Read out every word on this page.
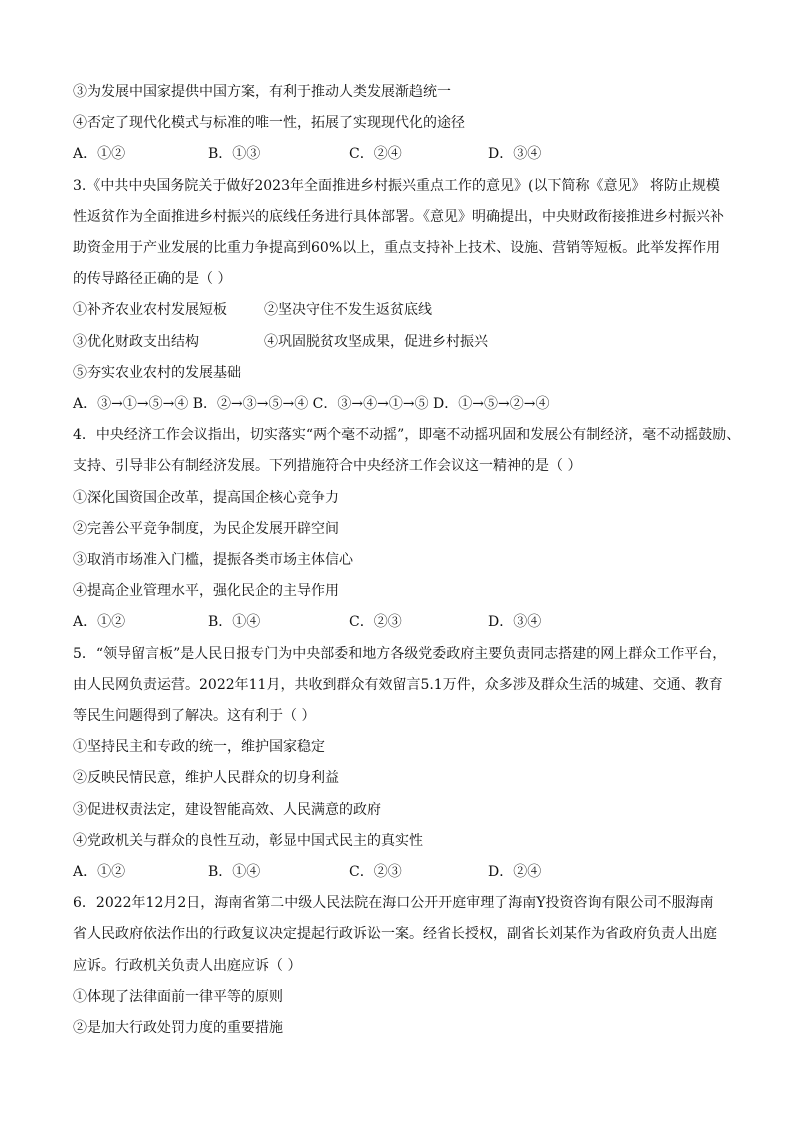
③为发展中国家提供中国方案，有利于推动人类发展渐趋统一
④否定了现代化模式与标准的唯一性，拓展了实现现代化的途径
A．①②	B．①③	C．②④	D．③④
3.《中共中央国务院关于做好2023年全面推进乡村振兴重点工作的意见》(以下简称《意见》 将防止规模
性返贫作为全面推进乡村振兴的底线任务进行具体部署。《意见》明确提出，中央财政衔接推进乡村振兴补
助资金用于产业发展的比重力争提高到60%以上，重点支持补上技术、设施、营销等短板。此举发挥作用
的传导路径正确的是（ ）
①补齐农业农村发展短板	②坚决守住不发生返贫底线
③优化财政支出结构	④巩固脱贫攻坚成果，促进乡村振兴
⑤夯实农业农村的发展基础
A．③→①→⑤→④ B．②→③→⑤→④ C．③→④→①→⑤ D．①→⑤→②→④
4．中央经济工作会议指出，切实落实“两个毫不动摇”，即毫不动摇巩固和发展公有制经济，毫不动摇鼓励、
支持、引导非公有制经济发展。下列措施符合中央经济工作会议这一精神的是（ ）
①深化国资国企改革，提高国企核心竞争力
②完善公平竞争制度，为民企发展开辟空间
③取消市场准入门槛，提振各类市场主体信心
④提高企业管理水平，强化民企的主导作用
A．①②	B．①④	C．②③	D．③④
5．“领导留言板”是人民日报专门为中央部委和地方各级党委政府主要负责同志搭建的网上群众工作平台，
由人民网负责运营。2022年11月，共收到群众有效留言5.1万件，众多涉及群众生活的城建、交通、教育
等民生问题得到了解决。这有利于（ ）
①坚持民主和专政的统一，维护国家稳定
②反映民情民意，维护人民群众的切身利益
③促进权责法定，建设智能高效、人民满意的政府
④党政机关与群众的良性互动，彰显中国式民主的真实性
A．①②	B．①④	C．②③	D．②④
6．2022年12月2日，海南省第二中级人民法院在海口公开开庭审理了海南Y投资咨询有限公司不服海南
省人民政府依法作出的行政复议决定提起行政诉讼一案。经省长授权，副省长刘某作为省政府负责人出庭
应诉。行政机关负责人出庭应诉（ ）
①体现了法律面前一律平等的原则
②是加大行政处罚力度的重要措施
